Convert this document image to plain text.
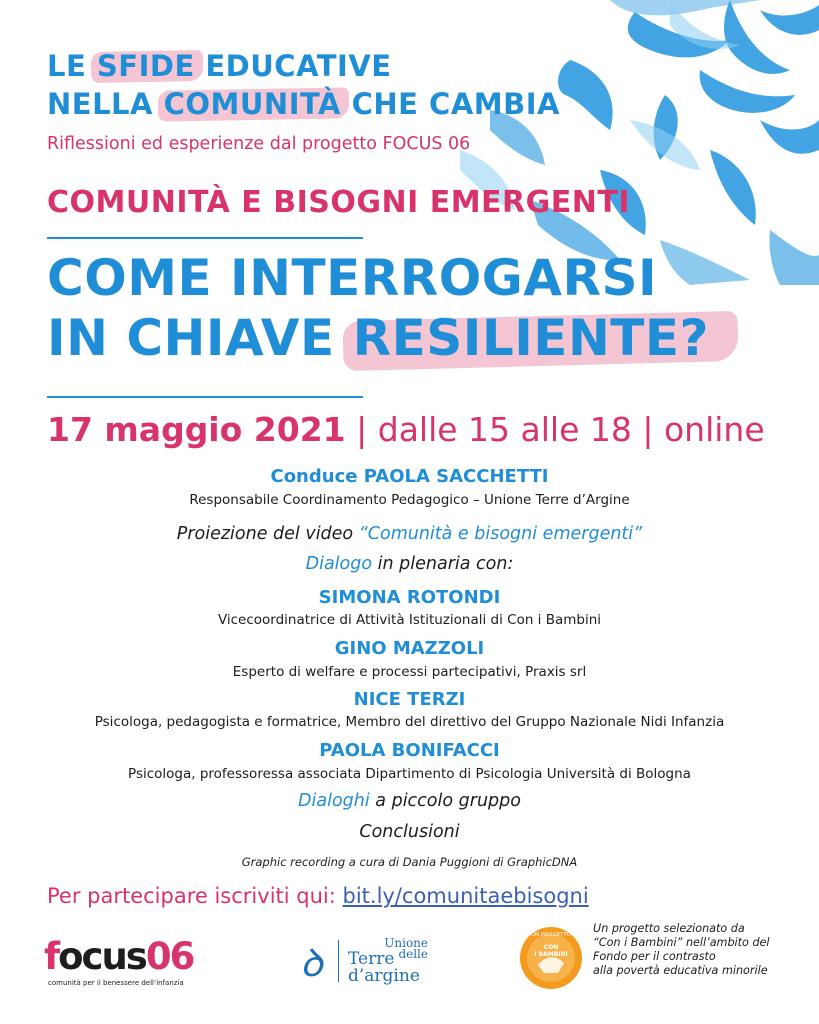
LE SFIDE EDUCATIVE
NELLA COMUNITÀ CHE CAMBIA
Riflessioni ed esperienze dal progetto FOCUS 06
COMUNITÀ E BISOGNI EMERGENTI
COME INTERROGARSI
IN CHIAVE RESILIENTE?
17 maggio 2021 | dalle 15 alle 18 | online
Conduce PAOLA SACCHETTI
Responsabile Coordinamento Pedagogico – Unione Terre d’Argine
Proiezione del video “Comunità e bisogni emergenti”
Dialogo in plenaria con:
SIMONA ROTONDI
Vicecoordinatrice di Attività Istituzionali di Con i Bambini
GINO MAZZOLI
Esperto di welfare e processi partecipativi, Praxis srl
NICE TERZI
Psicologa, pedagogista e formatrice, Membro del direttivo del Gruppo Nazionale Nidi Infanzia
PAOLA BONIFACCI
Psicologa, professoressa associata Dipartimento di Psicologia Università di Bologna
Dialoghi a piccolo gruppo
Conclusioni
Graphic recording a cura di Dania Puggioni di GraphicDNA
Per partecipare iscriviti qui: bit.ly/comunitaebisogni
focus06
comunità per il benessere dell’infanzia	ꝺ	Unione
delle
Terre
d’argine
UN PROGETTO
CON
I BAMBINI
Un progetto selezionato da
“Con i Bambini” nell’ambito del
Fondo per il contrasto
alla povertà educativa minorile
